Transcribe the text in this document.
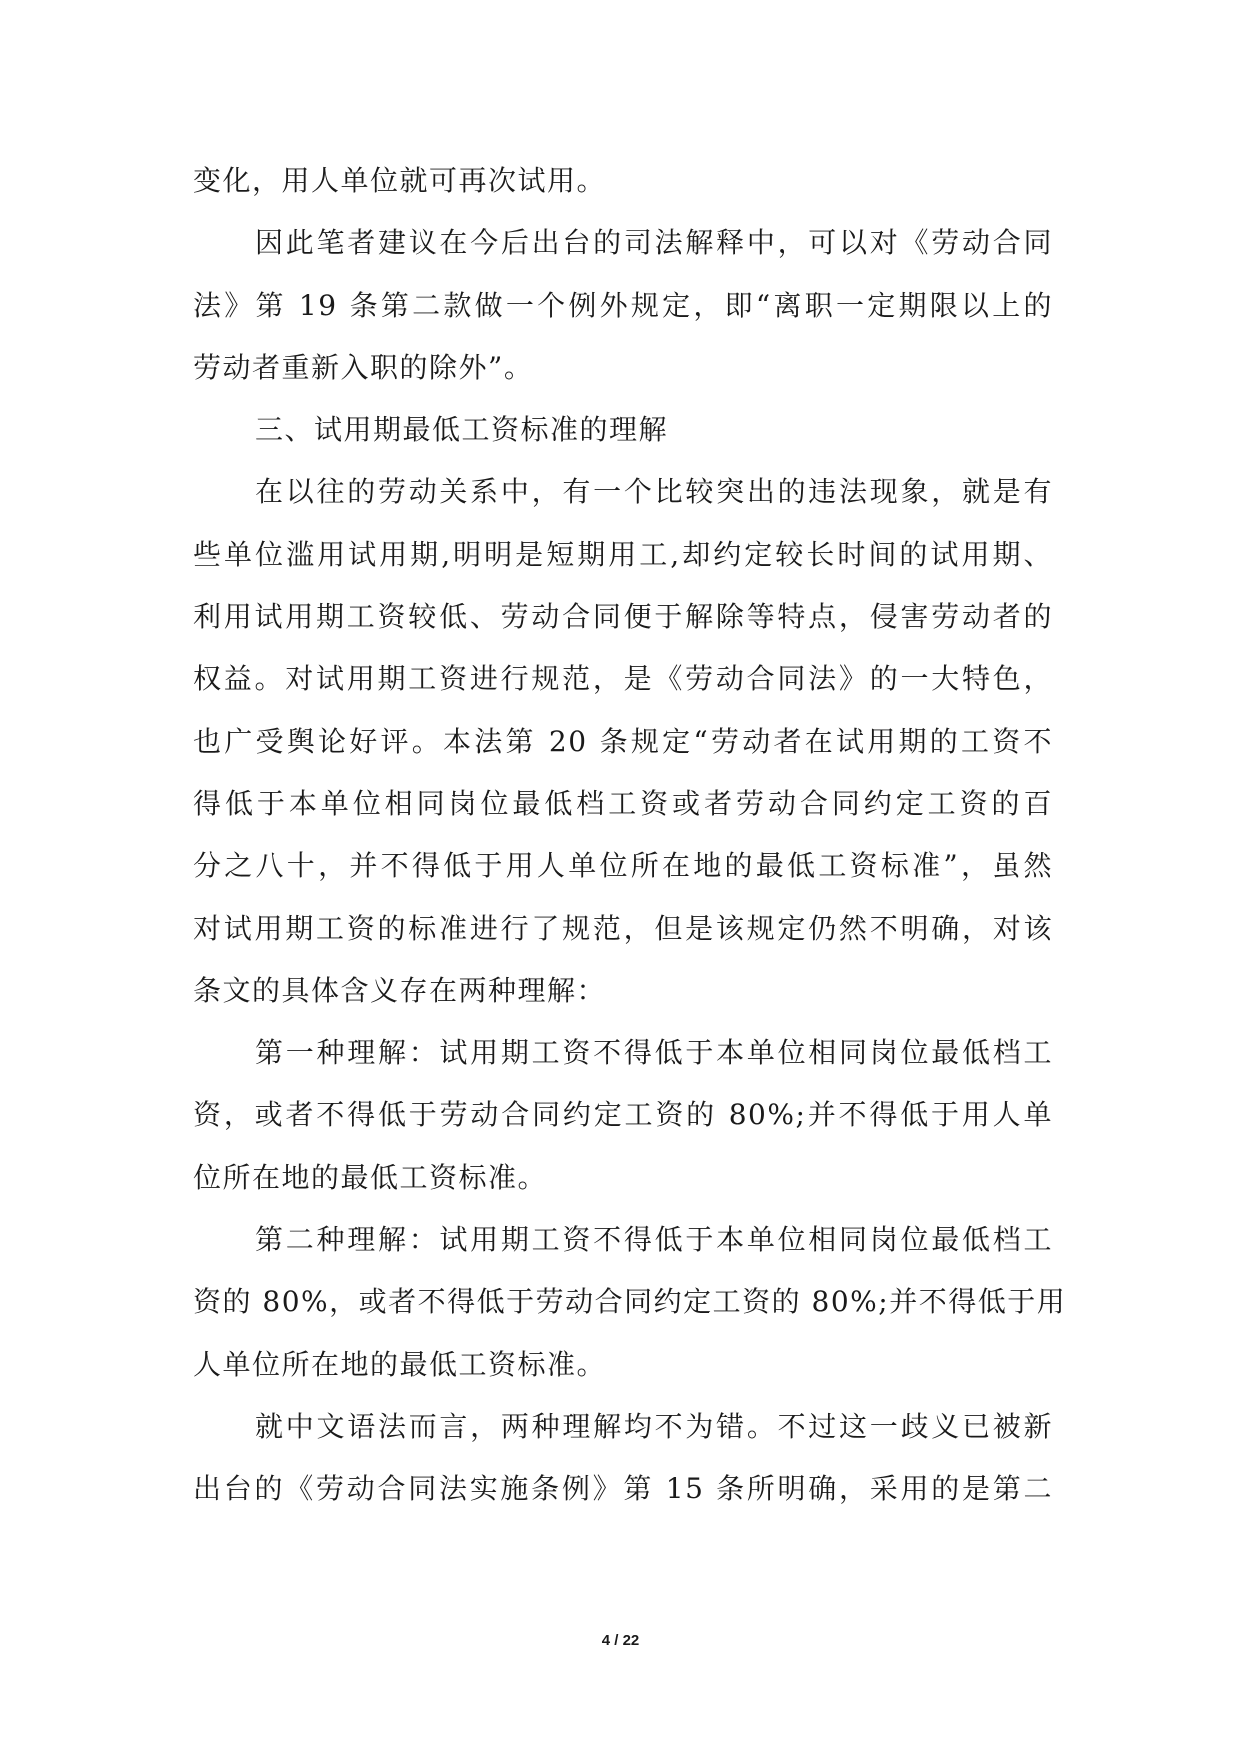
变化，用人单位就可再次试用。
因此笔者建议在今后出台的司法解释中，可以对《劳动合同
法》第 19 条第二款做一个例外规定，即“离职一定期限以上的
劳动者重新入职的除外”。
三、试用期最低工资标准的理解
在以往的劳动关系中，有一个比较突出的违法现象，就是有
些单位滥用试用期,明明是短期用工,却约定较长时间的试用期、
利用试用期工资较低、劳动合同便于解除等特点，侵害劳动者的
权益。对试用期工资进行规范，是《劳动合同法》的一大特色，
也广受舆论好评。本法第 20 条规定“劳动者在试用期的工资不
得低于本单位相同岗位最低档工资或者劳动合同约定工资的百
分之八十，并不得低于用人单位所在地的最低工资标准”，虽然
对试用期工资的标准进行了规范，但是该规定仍然不明确，对该
条文的具体含义存在两种理解：
第一种理解：试用期工资不得低于本单位相同岗位最低档工
资，或者不得低于劳动合同约定工资的 80%;并不得低于用人单
位所在地的最低工资标准。
第二种理解：试用期工资不得低于本单位相同岗位最低档工
资的 80%，或者不得低于劳动合同约定工资的 80%;并不得低于用
人单位所在地的最低工资标准。
就中文语法而言，两种理解均不为错。不过这一歧义已被新
出台的《劳动合同法实施条例》第 15 条所明确，采用的是第二
4 / 22
